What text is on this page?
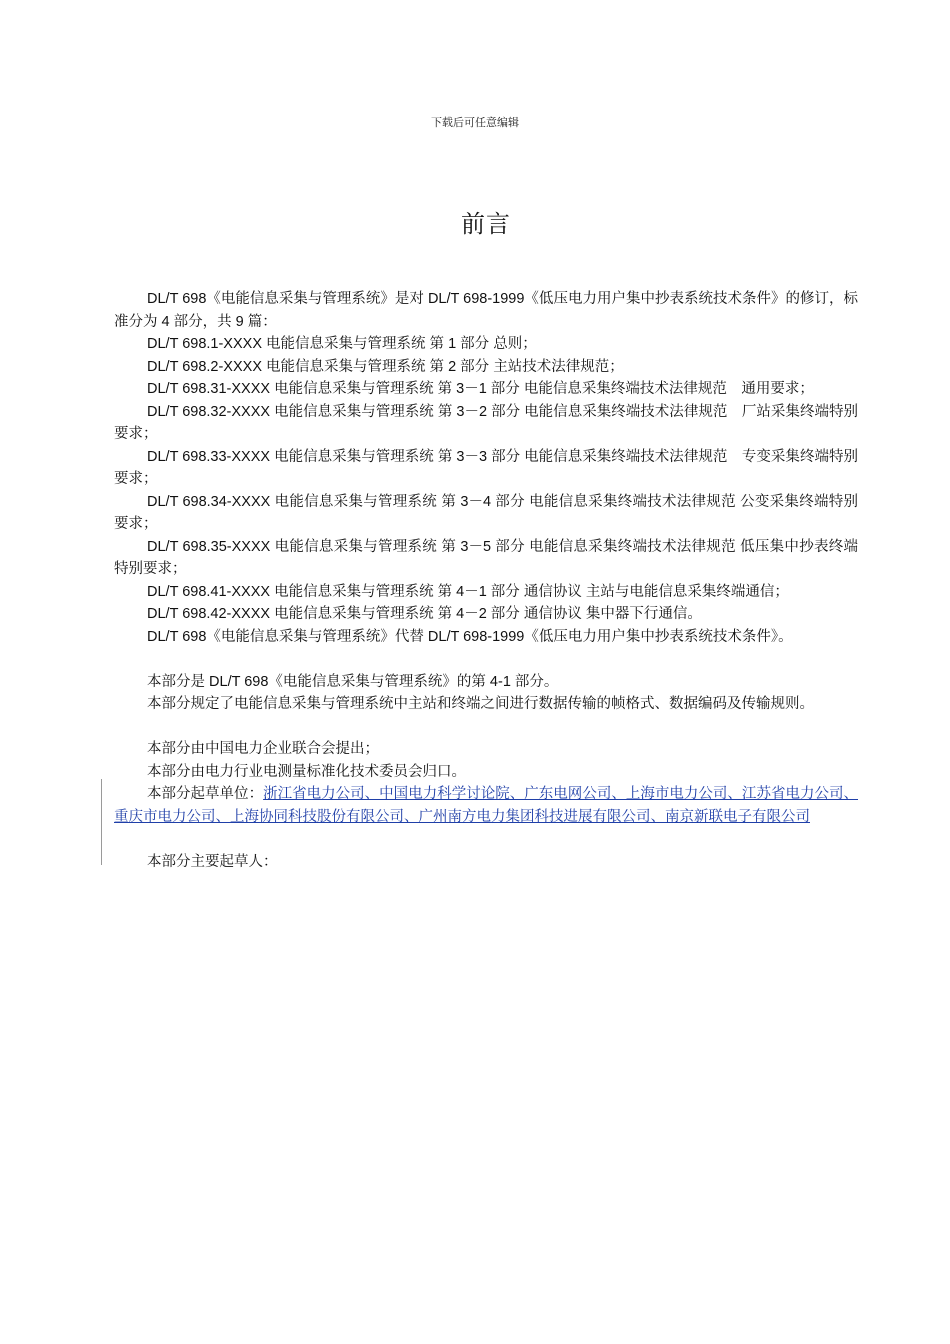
下载后可任意编辑
前言

DL/T 698《电能信息采集与管理系统》是对 DL/T 698-1999《低压电力用户集中抄表系统技术条件》的修订，标准分为 4 部分，共 9 篇：

DL/T 698.1-XXXX 电能信息采集与管理系统 第 1 部分 总则；

DL/T 698.2-XXXX 电能信息采集与管理系统 第 2 部分 主站技术法律规范；

DL/T 698.31-XXXX 电能信息采集与管理系统 第 3－1 部分 电能信息采集终端技术法律规范　通用要求；

DL/T 698.32-XXXX 电能信息采集与管理系统 第 3－2 部分 电能信息采集终端技术法律规范　厂站采集终端特别要求；

DL/T 698.33-XXXX 电能信息采集与管理系统 第 3－3 部分 电能信息采集终端技术法律规范　专变采集终端特别要求；

DL/T 698.34-XXXX 电能信息采集与管理系统 第 3－4 部分 电能信息采集终端技术法律规范 公变采集终端特别要求；

DL/T 698.35-XXXX 电能信息采集与管理系统 第 3－5 部分 电能信息采集终端技术法律规范 低压集中抄表终端特别要求；

DL/T 698.41-XXXX 电能信息采集与管理系统 第 4－1 部分 通信协议 主站与电能信息采集终端通信；

DL/T 698.42-XXXX 电能信息采集与管理系统 第 4－2 部分 通信协议 集中器下行通信。

DL/T 698《电能信息采集与管理系统》代替 DL/T 698-1999《低压电力用户集中抄表系统技术条件》。

本部分是 DL/T 698《电能信息采集与管理系统》的第 4-1 部分。

本部分规定了电能信息采集与管理系统中主站和终端之间进行数据传输的帧格式、数据编码及传输规则。

本部分由中国电力企业联合会提出；

本部分由电力行业电测量标准化技术委员会归口。

本部分起草单位：浙江省电力公司、中国电力科学讨论院、广东电网公司、上海市电力公司、江苏省电力公司、重庆市电力公司、上海协同科技股份有限公司、广州南方电力集团科技进展有限公司、南京新联电子有限公司

本部分主要起草人：
